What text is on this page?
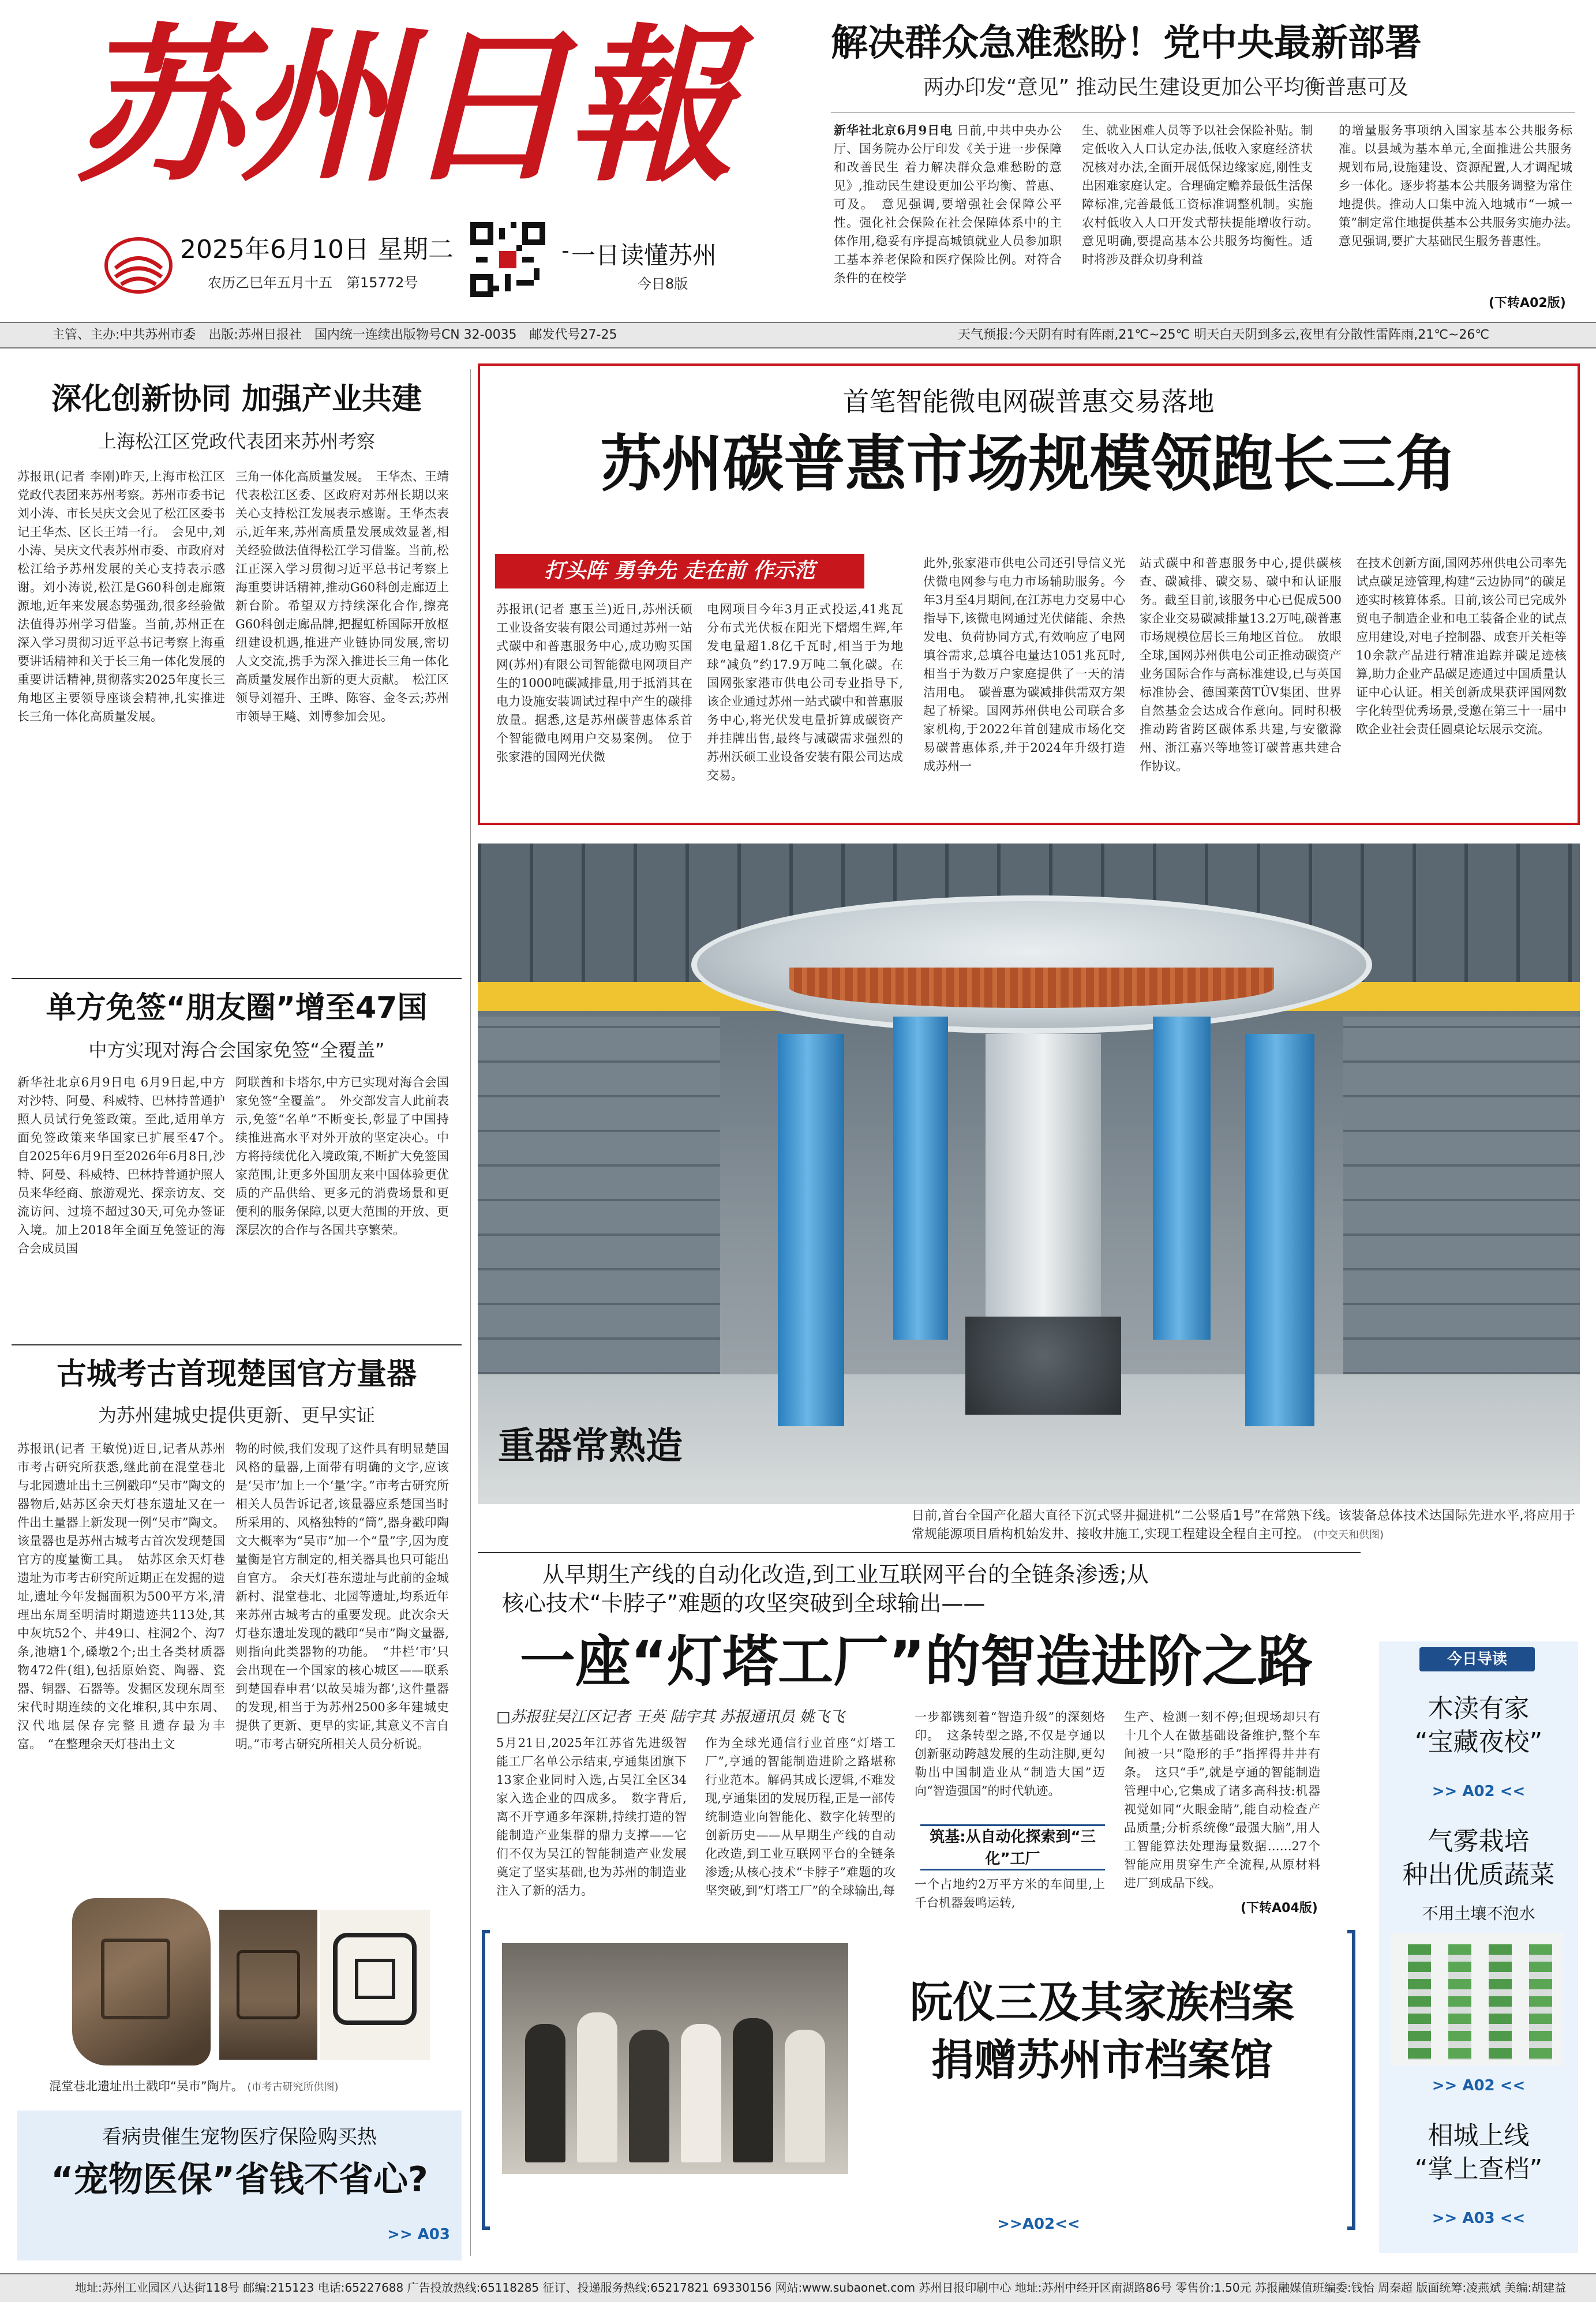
苏州日報
2025年6月10日 星期二
农历乙巳年五月十五 第15772号
一日读懂苏州
今日8版
主管、主办:中共苏州市委　出版:苏州日报社　国内统一连续出版物号CN 32-0035　邮发代号27-25	天气预报:今天阴有时有阵雨,21℃~25℃ 明天白天阴到多云,夜里有分散性雷阵雨,21℃~26℃
解决群众急难愁盼！党中央最新部署
两办印发“意见” 推动民生建设更加公平均衡普惠可及
新华社北京6月9日电 日前,中共中央办公厅、国务院办公厅印发《关于进一步保障和改善民生 着力解决群众急难愁盼的意见》,推动民生建设更加公平均衡、普惠、可及。　意见强调,要增强社会保障公平性。强化社会保险在社会保障体系中的主体作用,稳妥有序提高城镇就业人员参加职工基本养老保险和医疗保险比例。对符合条件的在校学
生、就业困难人员等予以社会保险补贴。制定低收入人口认定办法,低收入家庭经济状况核对办法,全面开展低保边缘家庭,刚性支出困难家庭认定。合理确定赡养最低生活保障标准,完善最低工资标准调整机制。实施农村低收入人口开发式帮扶提能增收行动。　意见明确,要提高基本公共服务均衡性。适时将涉及群众切身利益
的增量服务事项纳入国家基本公共服务标准。以县域为基本单元,全面推进公共服务规划布局,设施建设、资源配置,人才调配城乡一体化。逐步将基本公共服务调整为常住地提供。推动人口集中流入地城市“一城一策”制定常住地提供基本公共服务实施办法。　意见强调,要扩大基础民生服务普惠性。
(下转A02版)
深化创新协同 加强产业共建
上海松江区党政代表团来苏州考察
苏报讯(记者 李刚)昨天,上海市松江区党政代表团来苏州考察。苏州市委书记刘小涛、市长吴庆文会见了松江区委书记王华杰、区长王靖一行。　会见中,刘小涛、吴庆文代表苏州市委、市政府对松江给予苏州发展的关心支持表示感谢。刘小涛说,松江是G60科创走廊策源地,近年来发展态势强劲,很多经验做法值得苏州学习借鉴。当前,苏州正在深入学习贯彻习近平总书记考察上海重要讲话精神和关于长三角一体化发展的重要讲话精神,贯彻落实2025年度长三角地区主要领导座谈会精神,扎实推进长三角一体化高质量发展。
三角一体化高质量发展。　王华杰、王靖代表松江区委、区政府对苏州长期以来关心支持松江发展表示感谢。王华杰表示,近年来,苏州高质量发展成效显著,相关经验做法值得松江学习借鉴。当前,松江正深入学习贯彻习近平总书记考察上海重要讲话精神,推动G60科创走廊迈上新台阶。希望双方持续深化合作,擦亮G60科创走廊品牌,把握虹桥国际开放枢纽建设机遇,推进产业链协同发展,密切人文交流,携手为深入推进长三角一体化高质量发展作出新的更大贡献。　松江区领导刘福升、王晔、陈容、金冬云;苏州市领导王飚、刘博参加会见。
单方免签“朋友圈”增至47国
中方实现对海合会国家免签“全覆盖”
新华社北京6月9日电 6月9日起,中方对沙特、阿曼、科威特、巴林持普通护照人员试行免签政策。至此,适用单方面免签政策来华国家已扩展至47个。　自2025年6月9日至2026年6月8日,沙特、阿曼、科威特、巴林持普通护照人员来华经商、旅游观光、探亲访友、交流访问、过境不超过30天,可免办签证入境。加上2018年全面互免签证的海合会成员国
阿联酋和卡塔尔,中方已实现对海合会国家免签“全覆盖”。　外交部发言人此前表示,免签“名单”不断变长,彰显了中国持续推进高水平对外开放的坚定决心。中方将持续优化入境政策,不断扩大免签国家范围,让更多外国朋友来中国体验更优质的产品供给、更多元的消费场景和更便利的服务保障,以更大范围的开放、更深层次的合作与各国共享繁荣。
古城考古首现楚国官方量器
为苏州建城史提供更新、更早实证
苏报讯(记者 王敏悦)近日,记者从苏州市考古研究所获悉,继此前在混堂巷北与北园遗址出土三例戳印“吴市”陶文的器物后,姑苏区余天灯巷东遗址又在一件出土量器上新发现一例“吴市”陶文。该量器也是苏州古城考古首次发现楚国官方的度量衡工具。　姑苏区余天灯巷遗址为市考古研究所近期正在发掘的遗址,遗址今年发掘面积为500平方米,清理出东周至明清时期遗迹共113处,其中灰坑52个、井49口、柱洞2个、沟7条,池塘1个,磉墩2个;出土各类材质器物472件(组),包括原始瓷、陶器、瓷器、铜器、石器等。发掘区发现东周至宋代时期连续的文化堆积,其中东周、汉代地层保存完整且遗存最为丰富。　“在整理余天灯巷出土文
物的时候,我们发现了这件具有明显楚国风格的量器,上面带有明确的文字,应该是‘吴市’加上一个‘量’字。”市考古研究所相关人员告诉记者,该量器应系楚国当时所采用的、风格独特的“筒”,器身戳印陶文大概率为“吴市”加一个“量”字,因为度量衡是官方制定的,相关器具也只可能出自官方。　余天灯巷东遗址与此前的金城新村、混堂巷北、北园等遗址,均系近年来苏州古城考古的重要发现。此次余天灯巷东遗址发现的戳印“吴市”陶文量器,则指向此类器物的功能。　“井栏‘市’只会出现在一个国家的核心城区——联系到楚国春申君‘以故吴墟为都’,这件量器的发现,相当于为苏州2500多年建城史提供了更新、更早的实证,其意义不言自明。”市考古研究所相关人员分析说。
混堂巷北遗址出土戳印“吴市”陶片。 (市考古研究所供图)
看病贵催生宠物医疗保险购买热
“宠物医保”省钱不省心?
>> A03
首笔智能微电网碳普惠交易落地
苏州碳普惠市场规模领跑长三角
打头阵 勇争先 走在前 作示范
苏报讯(记者 惠玉兰)近日,苏州沃硕工业设备安装有限公司通过苏州一站式碳中和普惠服务中心,成功购买国网(苏州)有限公司智能微电网项目产生的1000吨碳减排量,用于抵消其在电力设施安装调试过程中产生的碳排放量。据悉,这是苏州碳普惠体系首个智能微电网用户交易案例。　位于张家港的国网光伏微
电网项目今年3月正式投运,41兆瓦分布式光伏板在阳光下熠熠生辉,年发电量超1.8亿千瓦时,相当于为地球“减负”约17.9万吨二氧化碳。在国网张家港市供电公司专业指导下,该企业通过苏州一站式碳中和普惠服务中心,将光伏发电量折算成碳资产并挂牌出售,最终与减碳需求强烈的苏州沃硕工业设备安装有限公司达成交易。
此外,张家港市供电公司还引导信义光伏微电网参与电力市场辅助服务。今年3月至4月期间,在江苏电力交易中心指导下,该微电网通过光伏储能、余热发电、负荷协同方式,有效响应了电网填谷需求,总填谷电量达1051兆瓦时,相当于为数万户家庭提供了一天的清洁用电。　碳普惠为碳减排供需双方架起了桥梁。国网苏州供电公司联合多家机构,于2022年首创建成市场化交易碳普惠体系,并于2024年升级打造成苏州一
站式碳中和普惠服务中心,提供碳核查、碳减排、碳交易、碳中和认证服务。截至目前,该服务中心已促成500家企业交易碳减排量13.2万吨,碳普惠市场规模位居长三角地区首位。　放眼全球,国网苏州供电公司正推动碳资产业务国际合作与高标准建设,已与英国标准协会、德国莱茵TÜV集团、世界自然基金会达成合作意向。同时积极推动跨省跨区碳体系共建,与安徽滁州、浙江嘉兴等地签订碳普惠共建合作协议。
在技术创新方面,国网苏州供电公司率先试点碳足迹管理,构建“云边协同”的碳足迹实时核算体系。目前,该公司已完成外贸电子制造企业和电工装备企业的试点应用建设,对电子控制器、成套开关柜等10余款产品进行精准追踪并碳足迹核算,助力企业产品碳足迹通过中国质量认证中心认证。相关创新成果获评国网数字化转型优秀场景,受邀在第三十一届中欧企业社会责任圆桌论坛展示交流。
重器常熟造
日前,首台全国产化超大直径下沉式竖井掘进机“二公竖盾1号”在常熟下线。该装备总体技术达国际先进水平,将应用于常规能源项目盾构机始发井、接收井施工,实现工程建设全程自主可控。 (中交天和供图)
从早期生产线的自动化改造,到工业互联网平台的全链条渗透;从
核心技术“卡脖子”难题的攻坚突破到全球输出——
一座“灯塔工厂”的智造进阶之路
□苏报驻吴江区记者 王英 陆宇其 苏报通讯员 姚飞飞
5月21日,2025年江苏省先进级智能工厂名单公示结束,亨通集团旗下13家企业同时入选,占吴江全区34家入选企业的四成多。　数字背后,离不开亨通多年深耕,持续打造的智能制造产业集群的鼎力支撑——它们不仅为吴江的智能制造产业发展奠定了坚实基础,也为苏州的制造业注入了新的活力。
作为全球光通信行业首座“灯塔工厂”,亨通的智能制造进阶之路堪称行业范本。解码其成长逻辑,不难发现,亨通集团的发展历程,正是一部传统制造业向智能化、数字化转型的创新历史——从早期生产线的自动化改造,到工业互联网平台的全链条渗透;从核心技术“卡脖子”难题的攻坚突破,到“灯塔工厂”的全球输出,每
一步都镌刻着“智造升级”的深刻烙印。　这条转型之路,不仅是亨通以创新驱动跨越发展的生动注脚,更勾勒出中国制造业从“制造大国”迈向“智造强国”的时代轨迹。
筑基:从自动化探索到“三化”工厂
一个占地约2万平方米的车间里,上千台机器轰鸣运转,
生产、检测一刻不停;但现场却只有十几个人在做基础设备维护,整个车间被一只“隐形的手”指挥得井井有条。　这只“手”,就是亨通的智能制造管理中心,它集成了诸多高科技:机器视觉如同“火眼金睛”,能自动检查产品质量;分析系统像“最强大脑”,用人工智能算法处理海量数据……27个智能应用贯穿生产全流程,从原材料进厂到成品下线。
(下转A04版)
阮仪三及其家族档案
捐赠苏州市档案馆
>>A02<<
今日导读
木渎有家
“宝藏夜校”
>> A02 <<
气雾栽培
种出优质蔬菜
不用土壤不泡水
>> A02 <<
相城上线
“掌上查档”
>> A03 <<
地址:苏州工业园区八达街118号 邮编:215123 电话:65227688 广告投放热线:65118285 征订、投递服务热线:65217821 69330156 网站:www.subaonet.com 苏州日报印刷中心 地址:苏州中经开区南湖路86号 零售价:1.50元 苏报融媒值班编委:钱怡 周秦超 版面统筹:凌燕斌 美编:胡建益
